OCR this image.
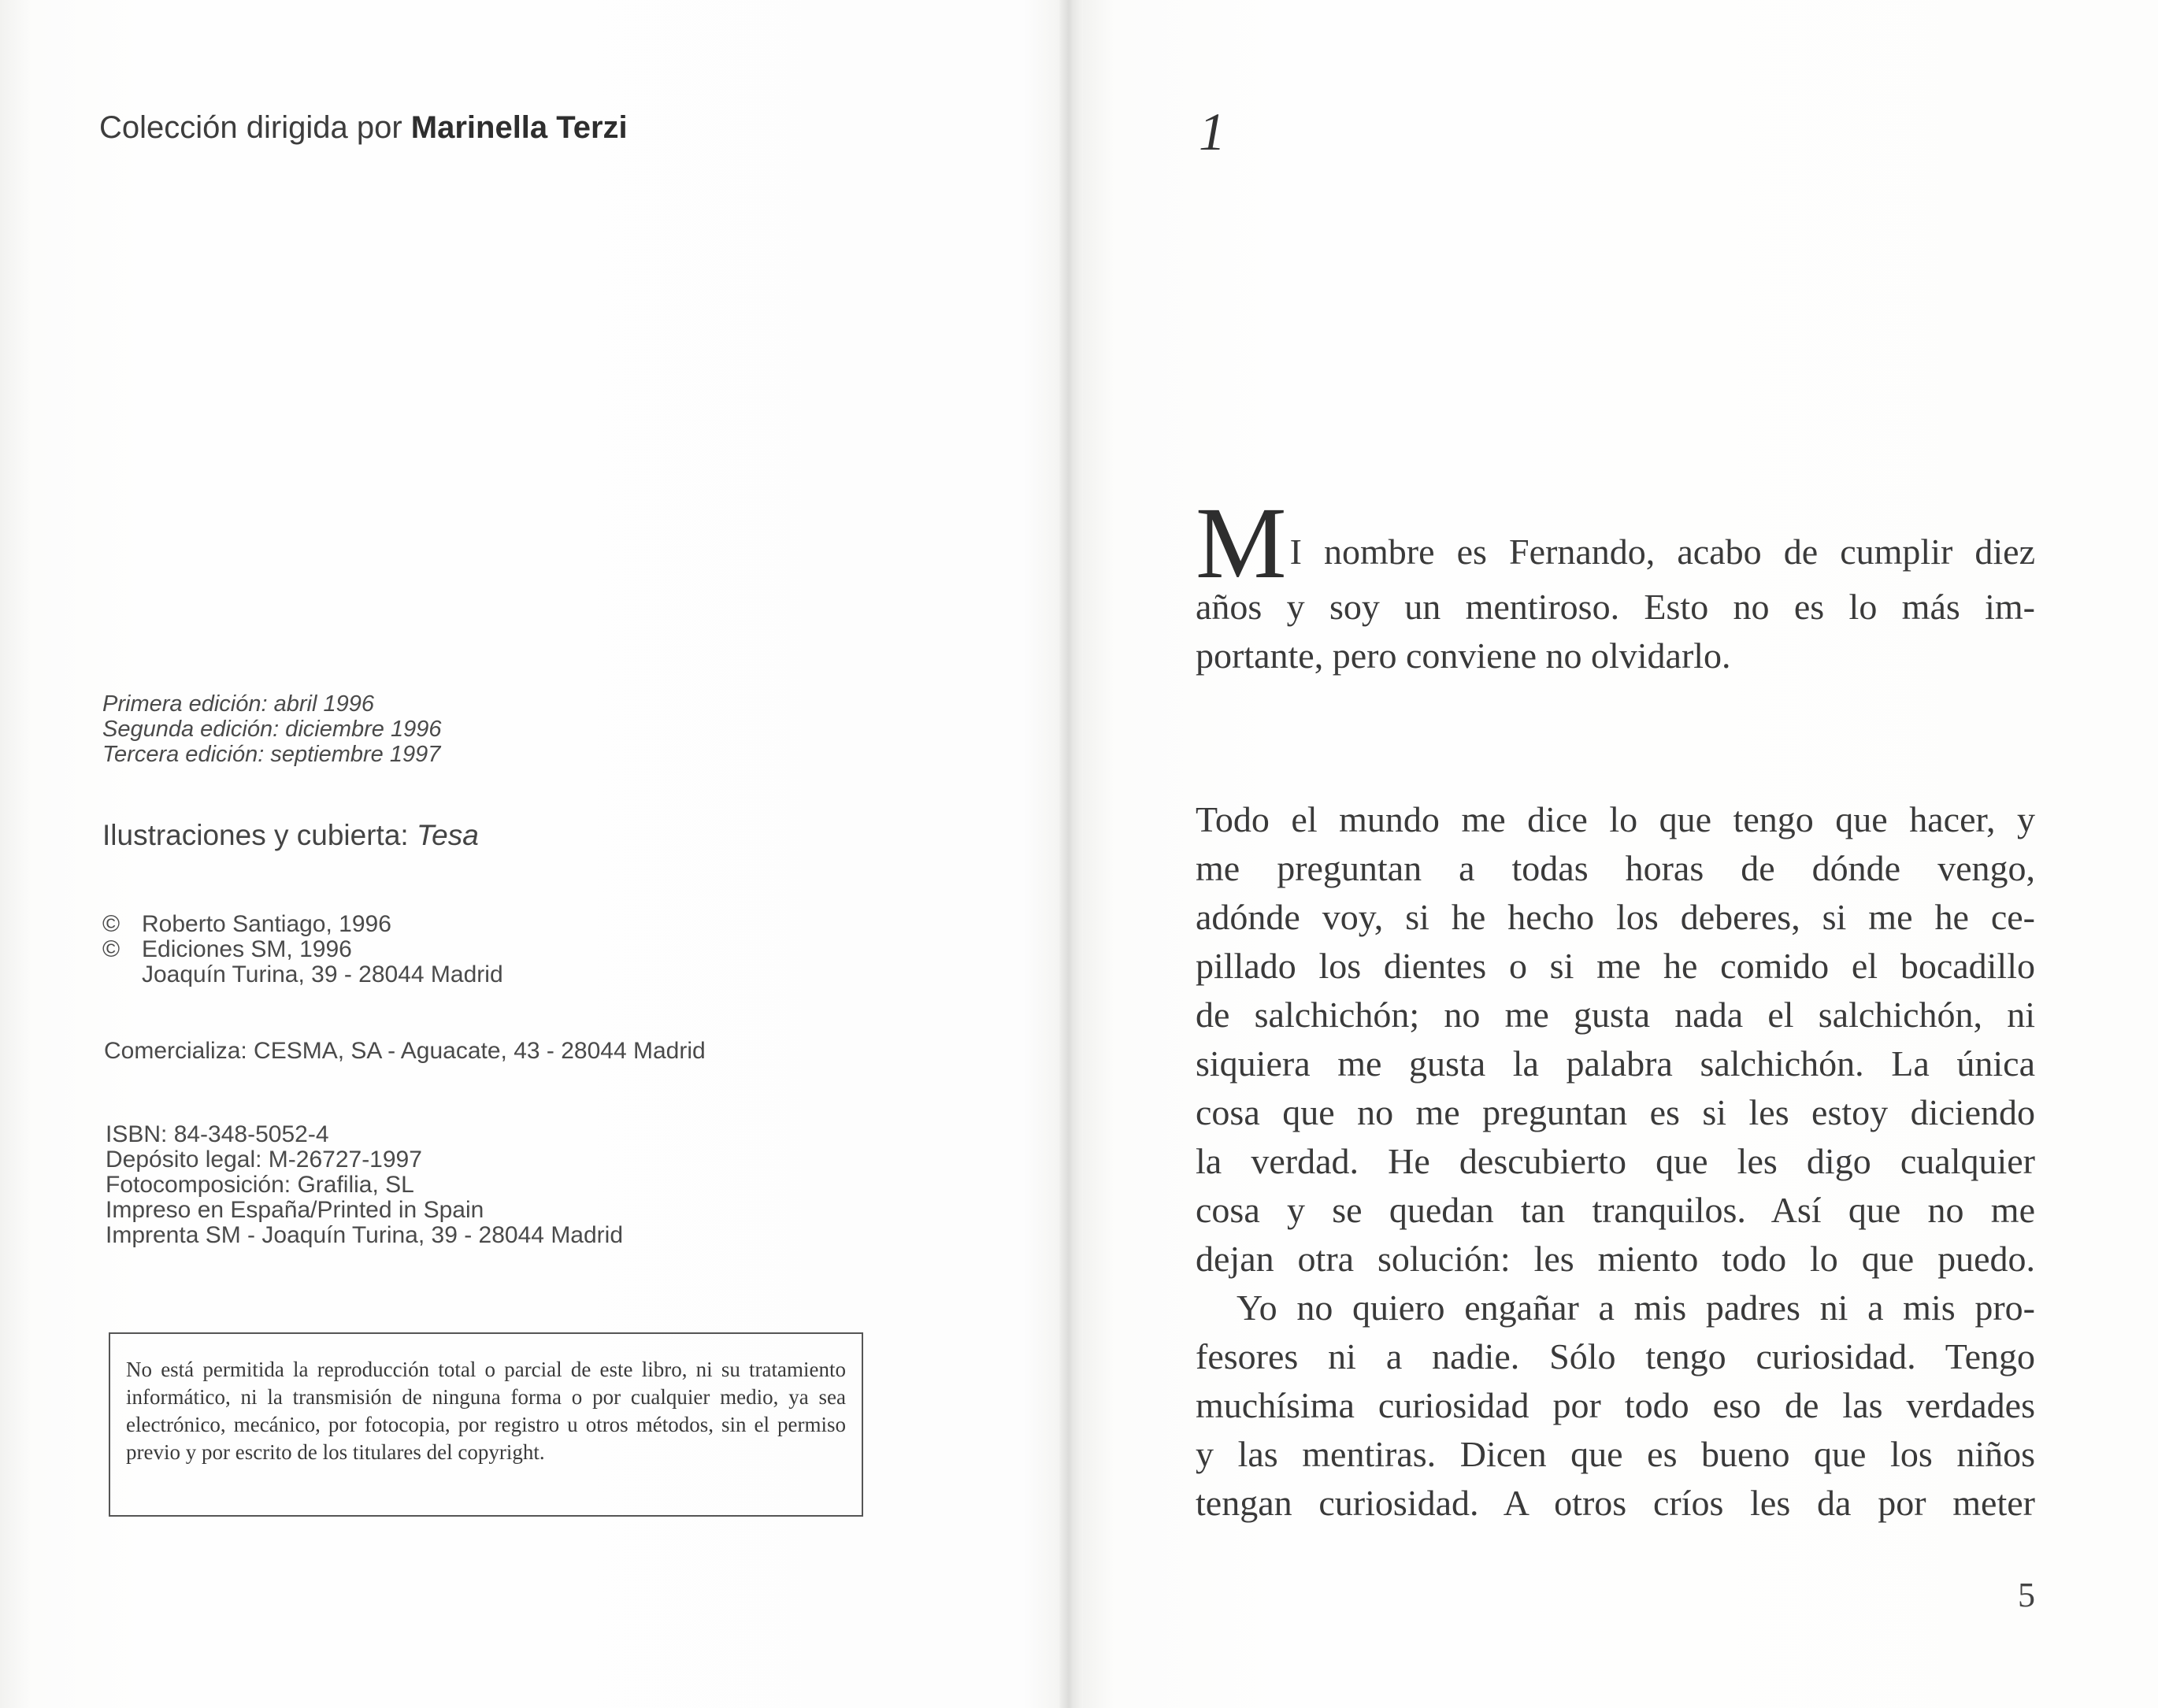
Colección dirigida por Marinella Terzi
Primera edición: abril 1996
Segunda edición: diciembre 1996
Tercera edición: septiembre 1997
Ilustraciones y cubierta: Tesa
© Roberto Santiago, 1996
© Ediciones SM, 1996
Joaquín Turina, 39 - 28044 Madrid
Comercializa: CESMA, SA - Aguacate, 43 - 28044 Madrid
ISBN: 84-348-5052-4
Depósito legal: M-26727-1997
Fotocomposición: Grafilia, SL
Impreso en España/Printed in Spain
Imprenta SM - Joaquín Turina, 39 - 28044 Madrid
No está permitida la reproducción total o parcial de este libro, ni su tratamiento informático, ni la transmisión de ninguna forma o por cualquier medio, ya sea electrónico, mecánico, por fotocopia, por registro u otros métodos, sin el permiso previo y por escrito de los titulares del copyright.
1
M I nombre es Fernando, acabo de cumplir diez
años y soy un mentiroso. Esto no es lo más im-
portante, pero conviene no olvidarlo.
Todo el mundo me dice lo que tengo que hacer, y
me preguntan a todas horas de dónde vengo,
adónde voy, si he hecho los deberes, si me he ce-
pillado los dientes o si me he comido el bocadillo
de salchichón; no me gusta nada el salchichón, ni
siquiera me gusta la palabra salchichón. La única
cosa que no me preguntan es si les estoy diciendo
la verdad. He descubierto que les digo cualquier
cosa y se quedan tan tranquilos. Así que no me
dejan otra solución: les miento todo lo que puedo.
Yo no quiero engañar a mis padres ni a mis pro-
fesores ni a nadie. Sólo tengo curiosidad. Tengo
muchísima curiosidad por todo eso de las verdades
y las mentiras. Dicen que es bueno que los niños
tengan curiosidad. A otros críos les da por meter
5
